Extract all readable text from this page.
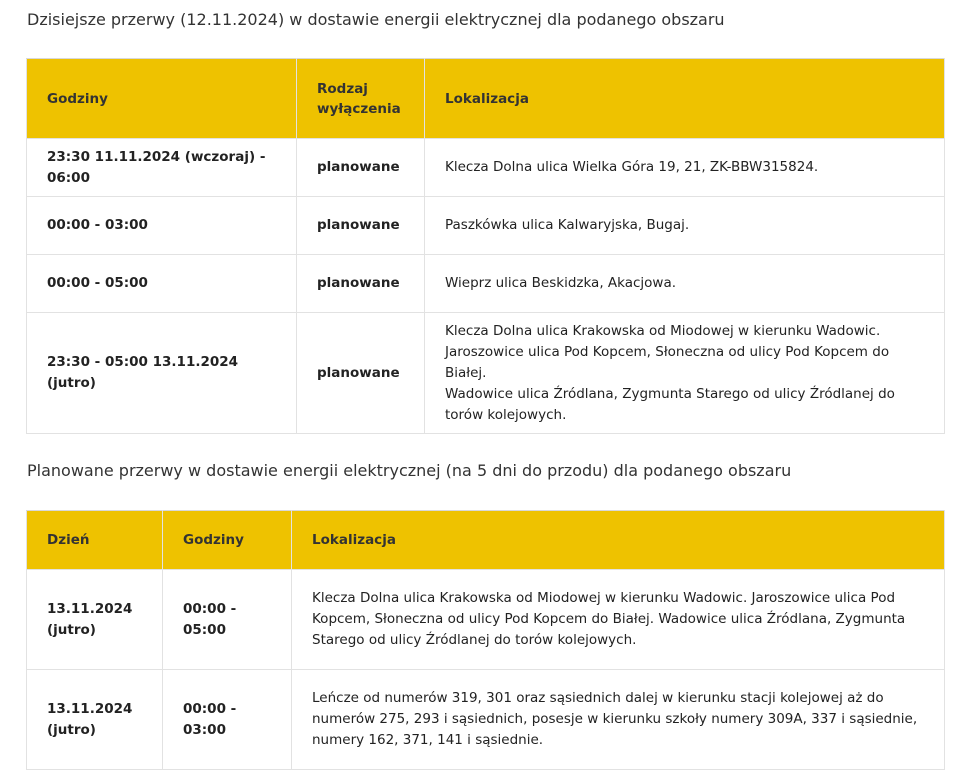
Dzisiejsze przerwy (12.11.2024) w dostawie energii elektrycznej dla podanego obszaru
Godziny	Rodzaj wyłączenia	Lokalizacja
23:30 11.11.2024 (wczoraj) - 06:00	planowane	Klecza Dolna ulica Wielka Góra 19, 21, ZK-BBW315824.

00:00 - 03:00	planowane	Paszkówka ulica Kalwaryjska, Bugaj.

00:00 - 05:00	planowane	Wieprz ulica Beskidzka, Akacjowa.

23:30 - 05:00 13.11.2024 (jutro)	planowane	Klecza Dolna ulica Krakowska od Miodowej w kierunku Wadowic.
Jaroszowice ulica Pod Kopcem, Słoneczna od ulicy Pod Kopcem do Białej.
Wadowice ulica Źródlana, Zygmunta Starego od ulicy Źródlanej do torów kolejowych.
Planowane przerwy w dostawie energii elektrycznej (na 5 dni do przodu) dla podanego obszaru
Dzień	Godziny	Lokalizacja

13.11.2024 (jutro)	00:00 - 05:00	Klecza Dolna ulica Krakowska od Miodowej w kierunku Wadowic. Jaroszowice ulica Pod Kopcem, Słoneczna od ulicy Pod Kopcem do Białej. Wadowice ulica Źródlana, Zygmunta Starego od ulicy Źródlanej do torów kolejowych.

13.11.2024 (jutro)	00:00 - 03:00	Leńcze od numerów 319, 301 oraz sąsiednich dalej w kierunku stacji kolejowej aż do numerów 275, 293 i sąsiednich, posesje w kierunku szkoły numery 309A, 337 i sąsiednie, numery 162, 371, 141 i sąsiednie.
